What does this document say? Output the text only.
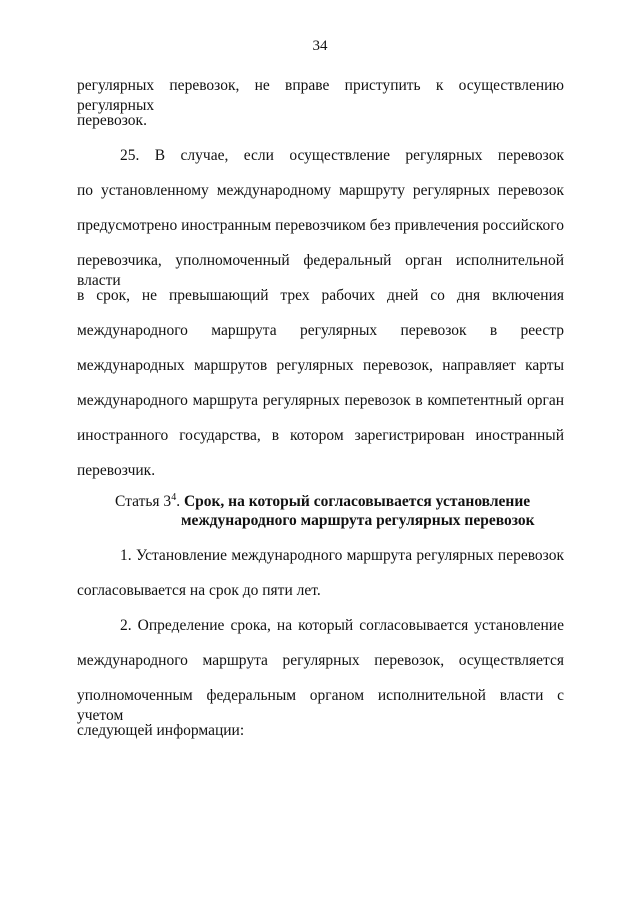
34
регулярных перевозок, не вправе приступить к осуществлению регулярных
перевозок.
25. В случае, если осуществление регулярных перевозок
по установленному международному маршруту регулярных перевозок
предусмотрено иностранным перевозчиком без привлечения российского
перевозчика, уполномоченный федеральный орган исполнительной власти
в срок, не превышающий трех рабочих дней со дня включения
международного маршрута регулярных перевозок в реестр
международных маршрутов регулярных перевозок, направляет карты
международного маршрута регулярных перевозок в компетентный орган
иностранного государства, в котором зарегистрирован иностранный
перевозчик.
Статья $3^4$. Срок, на который согласовывается установление
международного маршрута регулярных перевозок
1. Установление международного маршрута регулярных перевозок
согласовывается на срок до пяти лет.
2. Определение срока, на который согласовывается установление
международного маршрута регулярных перевозок, осуществляется
уполномоченным федеральным органом исполнительной власти с учетом
следующей информации:
